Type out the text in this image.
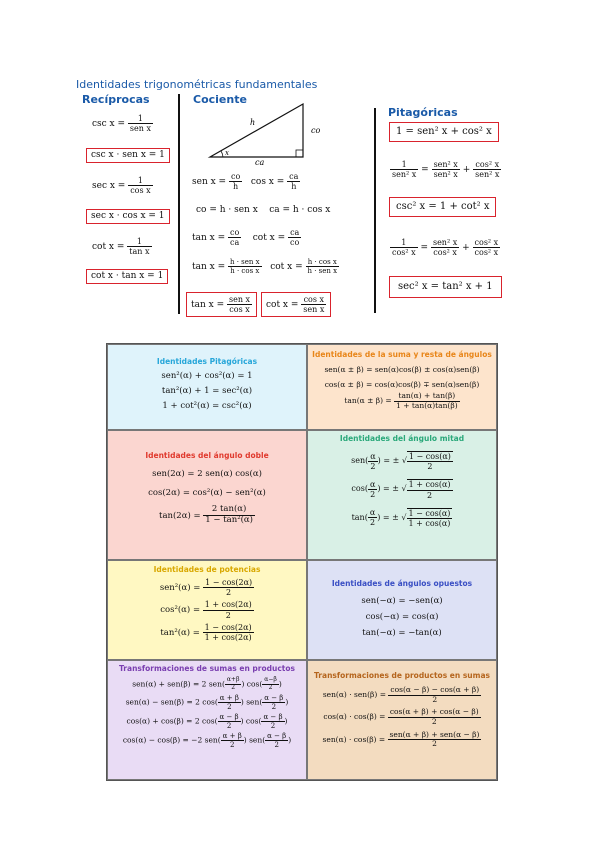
Identidades trigonométricas fundamentales
Recíprocas
$\csc x = \frac{1}{\text{sen x}}$
csc x · sen x = 1
$\sec x = \frac{1}{\text{cos x}}$
sec x · cos x = 1
$\cot x = \frac{1}{\text{tan x}}$
cot x · tan x = 1
Cociente
h
co
ca
x
sen $x = \frac{co}{h}$ $\cos x = \frac{ca}{h}$
co = h · sen x ca = h · cos x
$\tan x = \frac{co}{ca}$ $\cot x = \frac{ca}{co}$
$\tan x = \frac{\text{h · sen x}}{\text{h · cos x}}$ $\cot x = \frac{\text{h · cos x}}{\text{h · sen x}}$
$\tan x = \frac{\text{sen x}}{\text{cos x}}$	$\cot x = \frac{\text{cos x}}{\text{sen x}}$
Pitagóricas
1 = sen² x + cos² x
$\frac{1}{\text{sen² x}} = \frac{\text{sen² x}}{\text{sen² x}} + \frac{\text{cos² x}}{\text{sen² x}}$
csc² x = 1 + cot² x
$\frac{1}{\text{cos² x}} = \frac{\text{sen² x}}{\text{cos² x}} + \frac{\text{cos² x}}{\text{cos² x}}$
sec² x = tan² x + 1
Identidades Pitagóricas
sen²(α) + cos²(α) = 1
tan²(α) + 1 = sec²(α)
1 + cot²(α) = csc²(α)
Identidades de la suma y resta de ángulos
sen(α ± β) = sen(α)cos(β) ± cos(α)sen(β)
cos(α ± β) = cos(α)cos(β) ∓ sen(α)sen(β)
$\tan(\alpha \pm \beta) = \frac{\tan(\alpha) + \tan(\beta)}{1 + \tan(\alpha)\tan(\beta)}$
Identidades del ángulo doble
sen(2α) = 2 sen(α) cos(α)
cos(2α) = cos²(α) − sen²(α)
$\tan(2\alpha) = \frac{2 \tan(\alpha)}{\text{1 − tan²(α)}}$
Identidades del ángulo mitad
$sen( \frac{\alpha}{2}$ ) = ± √ $\frac{1 - \cos(\alpha)}{2}$
$\cos( \frac{\alpha}{2}$ ) = ± √ $\frac{1 + \cos(\alpha)}{2}$
$\tan( \frac{\alpha}{2}$ ) = ± √ $\frac{1 - \cos(\alpha)}{1 + \cos(\alpha)}$
Identidades de potencias
$sen^2(\alpha) = \frac{1 - \cos(2\alpha)}{2}$
$\cos^2(\alpha) = \frac{1 + \cos(2\alpha)}{2}$
$\tan^2(\alpha) = \frac{1 - \cos(2\alpha)}{1 + \cos(2\alpha)}$
Identidades de ángulos opuestos
sen(−α) = −sen(α)
cos(−α) = cos(α)
tan(−α) = −tan(α)
Transformaciones de sumas en productos
sen(α) + sen(β) = 2 $sen( \frac{\alpha+\beta}{2}$ ) $\cos( \frac{\alpha-\beta}{2}$ )
sen(α) − sen(β) = 2 $\cos( \frac{\alpha + \beta}{2}$ ) $sen( \frac{\alpha - \beta}{2}$ )
cos(α) + cos(β) = 2 $\cos( \frac{\alpha - \beta}{2}$ ) $\cos( \frac{\alpha - \beta}{2}$ )
cos(α) − cos(β) = −2 $sen( \frac{\alpha + \beta}{2}$ ) $sen( \frac{\alpha - \beta}{2}$ )
Transformaciones de productos en sumas
$sen(\alpha) \cdot sen(\beta) = \frac{\cos(\alpha - \beta) - \cos(\alpha + \beta)}{2}$
$\cos(\alpha) \cdot \cos(\beta) = \frac{\cos(\alpha + \beta) + \cos(\alpha - \beta)}{2}$
$sen(\alpha) \cdot \cos(\beta) = \frac{\text{sen(α + β) + sen(α − β)}}{2}$
